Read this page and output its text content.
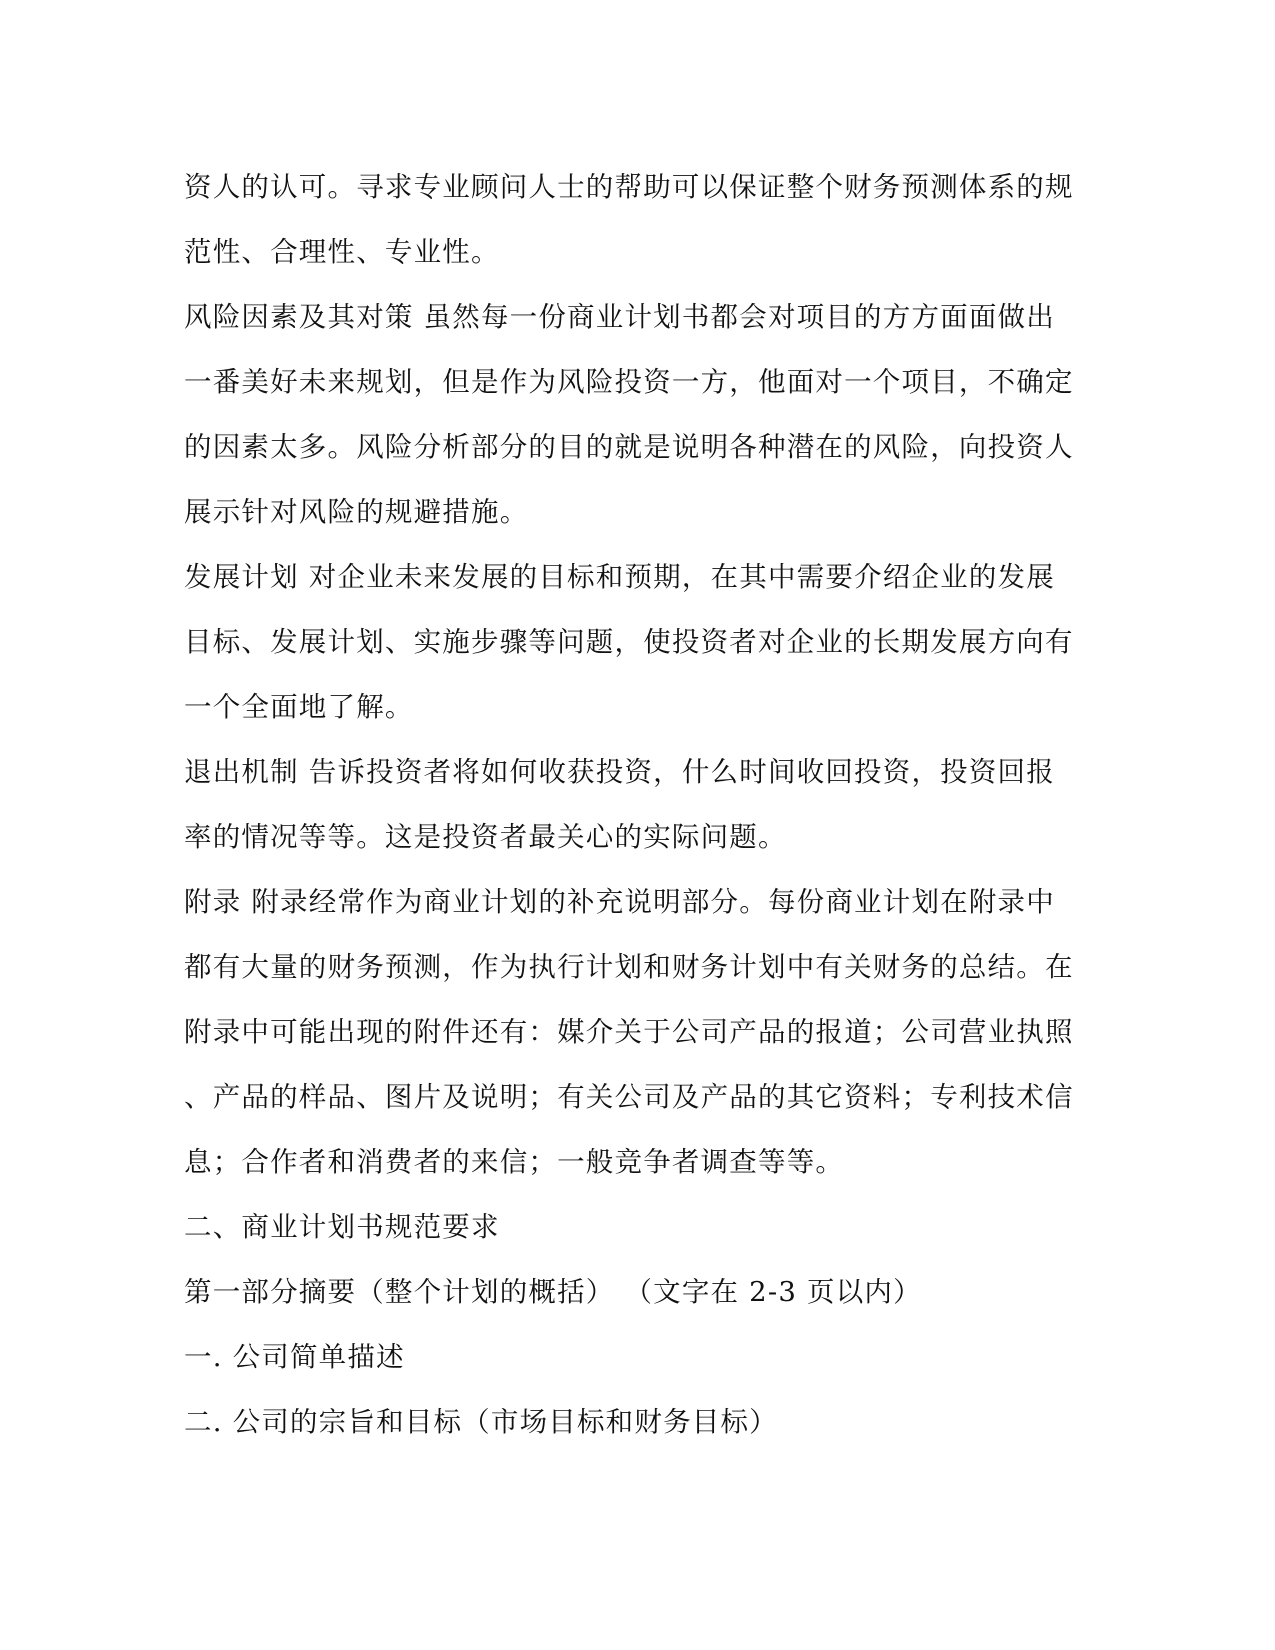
资人的认可。寻求专业顾问人士的帮助可以保证整个财务预测体系的规
范性、合理性、专业性。
风险因素及其对策 虽然每一份商业计划书都会对项目的方方面面做出
一番美好未来规划，但是作为风险投资一方，他面对一个项目，不确定
的因素太多。风险分析部分的目的就是说明各种潜在的风险，向投资人
展示针对风险的规避措施。
发展计划 对企业未来发展的目标和预期，在其中需要介绍企业的发展
目标、发展计划、实施步骤等问题，使投资者对企业的长期发展方向有
一个全面地了解。
退出机制 告诉投资者将如何收获投资，什么时间收回投资，投资回报
率的情况等等。这是投资者最关心的实际问题。
附录 附录经常作为商业计划的补充说明部分。每份商业计划在附录中
都有大量的财务预测，作为执行计划和财务计划中有关财务的总结。在
附录中可能出现的附件还有：媒介关于公司产品的报道；公司营业执照
、产品的样品、图片及说明；有关公司及产品的其它资料；专利技术信
息；合作者和消费者的来信；一般竞争者调查等等。
二、商业计划书规范要求
第一部分摘要（整个计划的概括） （文字在 2-3 页以内）
一. 公司简单描述
二. 公司的宗旨和目标（市场目标和财务目标）
